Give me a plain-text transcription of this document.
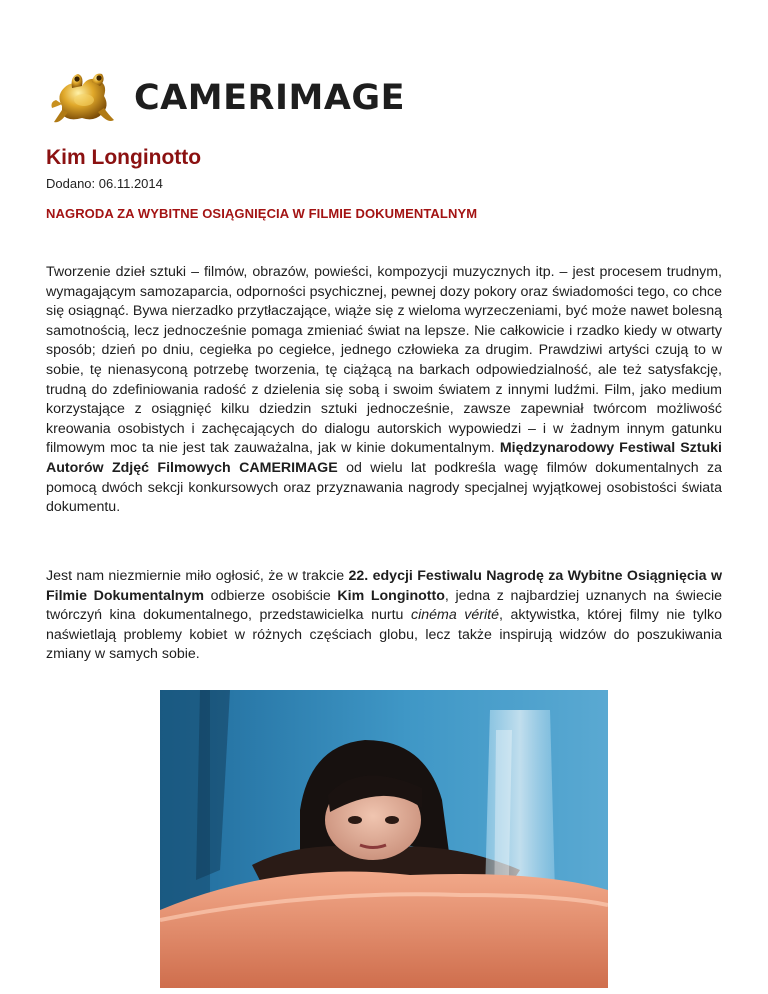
CAMERIMAGE
Kim Longinotto
Dodano: 06.11.2014
NAGRODA ZA WYBITNE OSIĄGNIĘCIA W FILMIE DOKUMENTALNYM

Tworzenie dzieł sztuki – filmów, obrazów, powieści, kompozycji muzycznych itp. – jest procesem trudnym, wymagającym samozaparcia, odporności psychicznej, pewnej dozy pokory oraz świadomości tego, co chce się osiągnąć. Bywa nierzadko przytłaczające, wiąże się z wieloma wyrzeczeniami, być może nawet bolesną samotnością, lecz jednocześnie pomaga zmieniać świat na lepsze. Nie całkowicie i rzadko kiedy w otwarty sposób; dzień po dniu, cegiełka po cegiełce, jednego człowieka za drugim. Prawdziwi artyści czują to w sobie, tę nienasyconą potrzebę tworzenia, tę ciążącą na barkach odpowiedzialność, ale też satysfakcję, trudną do zdefiniowania radość z dzielenia się sobą i swoim światem z innymi ludźmi. Film, jako medium korzystające z osiągnięć kilku dziedzin sztuki jednocześnie, zawsze zapewniał twórcom możliwość kreowania osobistych i zachęcających do dialogu autorskich wypowiedzi – i w żadnym innym gatunku filmowym moc ta nie jest tak zauważalna, jak w kinie dokumentalnym. Międzynarodowy Festiwal Sztuki Autorów Zdjęć Filmowych CAMERIMAGE od wielu lat podkreśla wagę filmów dokumentalnych za pomocą dwóch sekcji konkursowych oraz przyznawania nagrody specjalnej wyjątkowej osobistości świata dokumentu.

Jest nam niezmiernie miło ogłosić, że w trakcie 22. edycji Festiwalu Nagrodę za Wybitne Osiągnięcia w Filmie Dokumentalnym odbierze osobiście Kim Longinotto, jedna z najbardziej uznanych na świecie twórczyń kina dokumentalnego, przedstawicielka nurtu cinéma vérité, aktywistka, której filmy nie tylko naświetlają problemy kobiet w różnych częściach globu, lecz także inspirują widzów do poszukiwania zmiany w samych sobie.
